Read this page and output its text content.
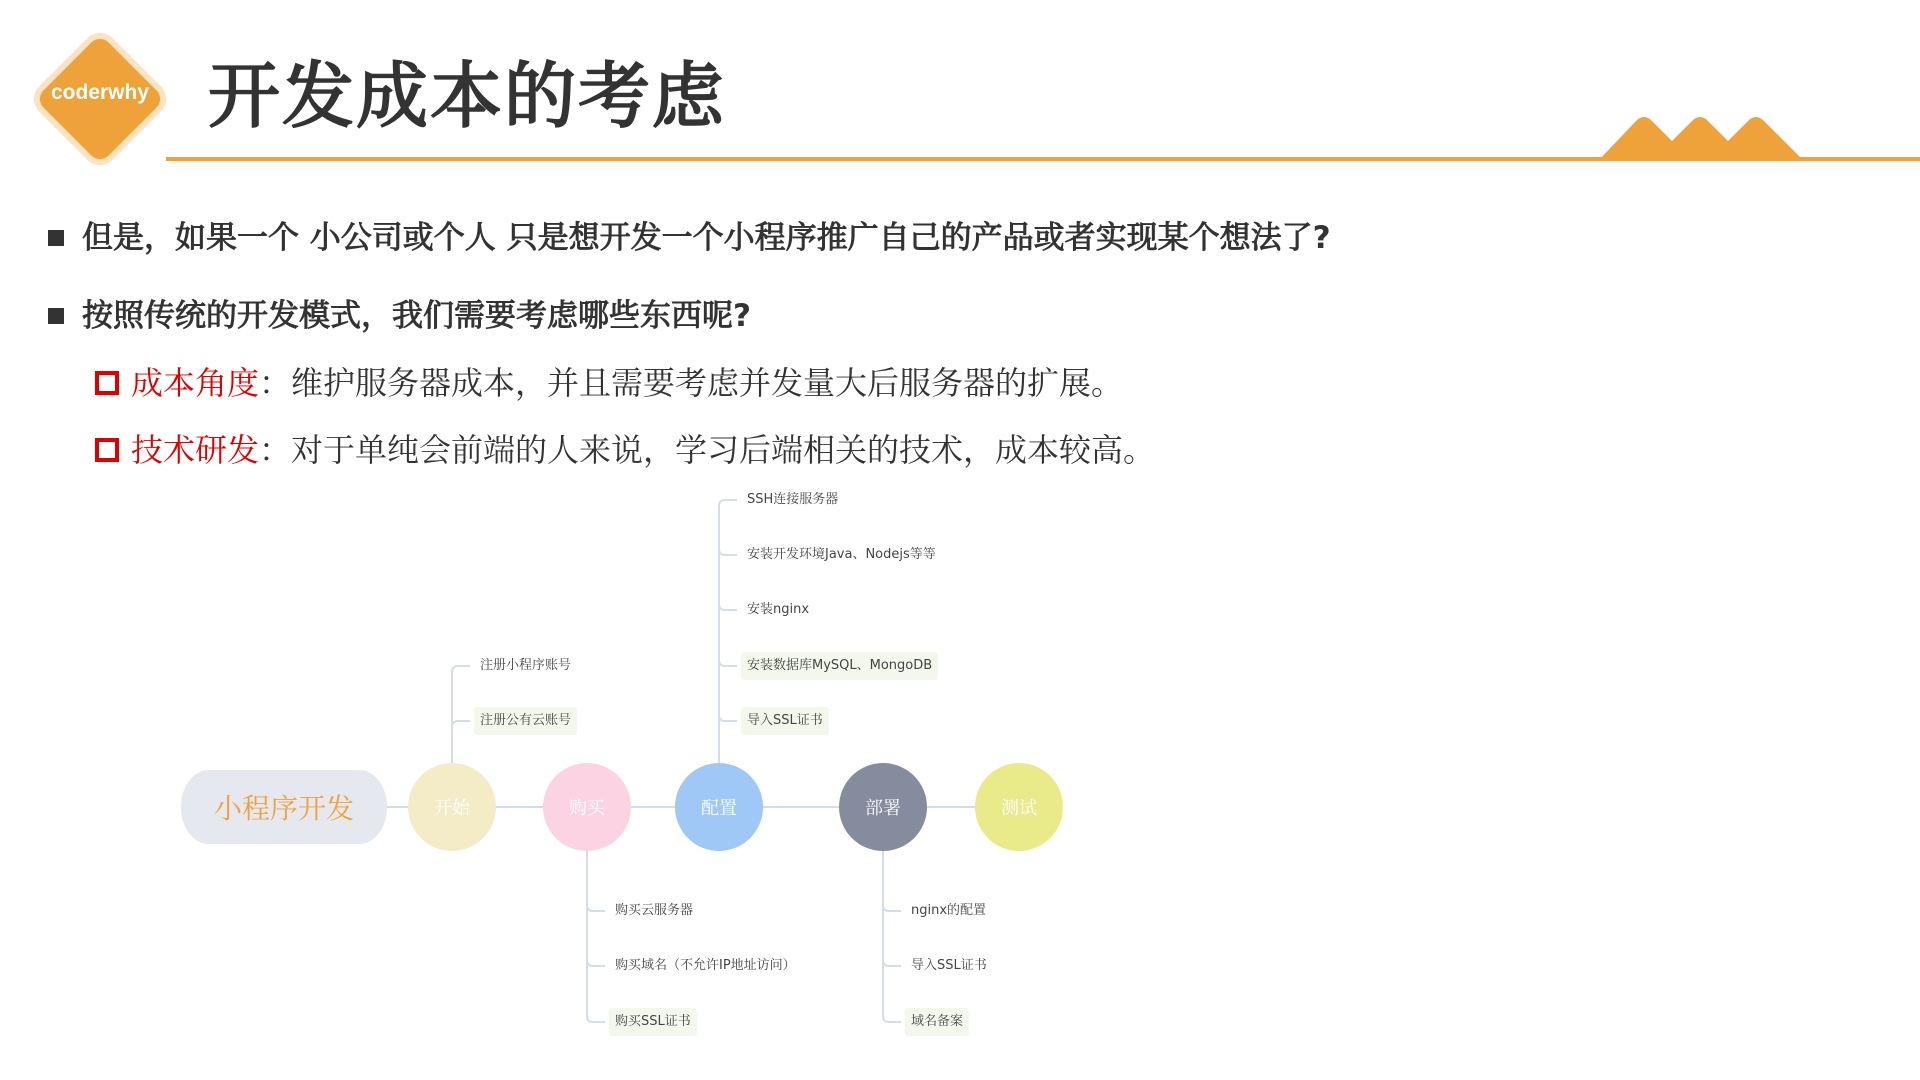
coderwhy 开发成本的考虑
但是，如果一个 小公司或个人 只是想开发一个小程序推广自己的产品或者实现某个想法了?
按照传统的开发模式，我们需要考虑哪些东西呢?
成本角度 ：维护服务器成本，并且需要考虑并发量大后服务器的扩展。
技术研发 ：对于单纯会前端的人来说，学习后端相关的技术，成本较高。
小程序开发	开始	购买	配置	部署	测试
注册小程序账号
注册公有云账号
购买云服务器
购买域名（不允许IP地址访问）
购买SSL证书
SSH连接服务器
安装开发环境Java、Nodejs等等
安装nginx
安装数据库MySQL、MongoDB
导入SSL证书
nginx的配置
导入SSL证书
域名备案
